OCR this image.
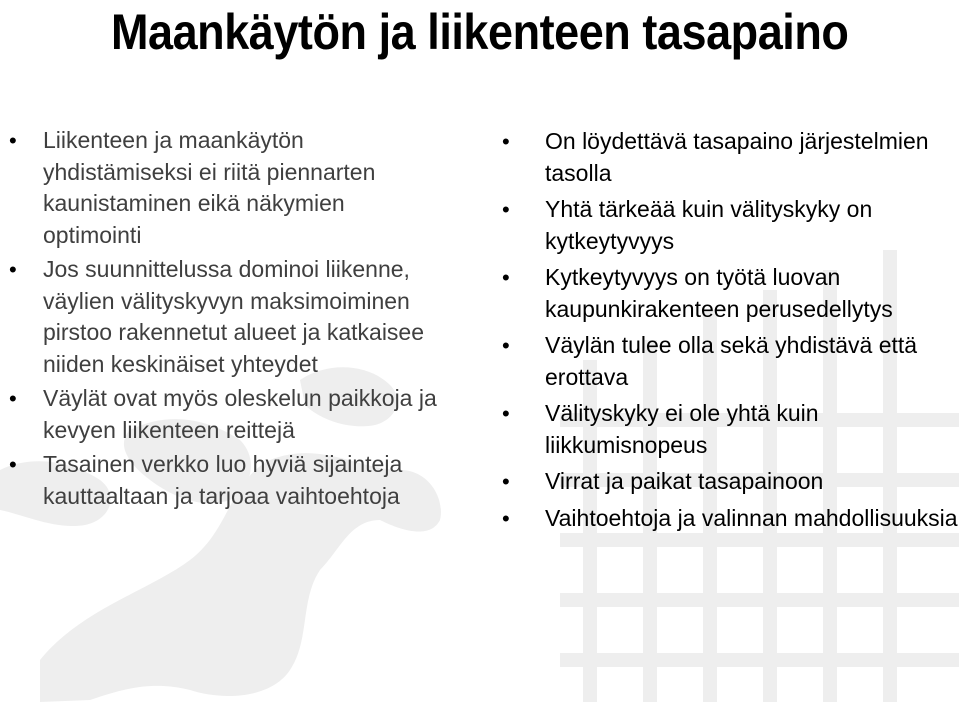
Maankäytön ja liikenteen tasapaino
• Liikenteen ja maankäytön yhdistämiseksi ei riitä piennarten kaunistaminen eikä näkymien optimointi
• Jos suunnittelussa dominoi liikenne, väylien välityskyvyn maksimoiminen pirstoo rakennetut alueet ja katkaisee niiden keskinäiset yhteydet
• Väylät ovat myös oleskelun paikkoja ja kevyen liikenteen reittejä
• Tasainen verkko luo hyviä sijainteja kauttaaltaan ja tarjoaa vaihtoehtoja
• On löydettävä tasapaino järjestelmien tasolla
• Yhtä tärkeää kuin välityskyky on kytkeytyvyys
• Kytkeytyvyys on työtä luovan kaupunkirakenteen perusedellytys
• Väylän tulee olla sekä yhdistävä että erottava
• Välityskyky ei ole yhtä kuin liikkumisnopeus
• Virrat ja paikat tasapainoon
• Vaihtoehtoja ja valinnan mahdollisuuksia
